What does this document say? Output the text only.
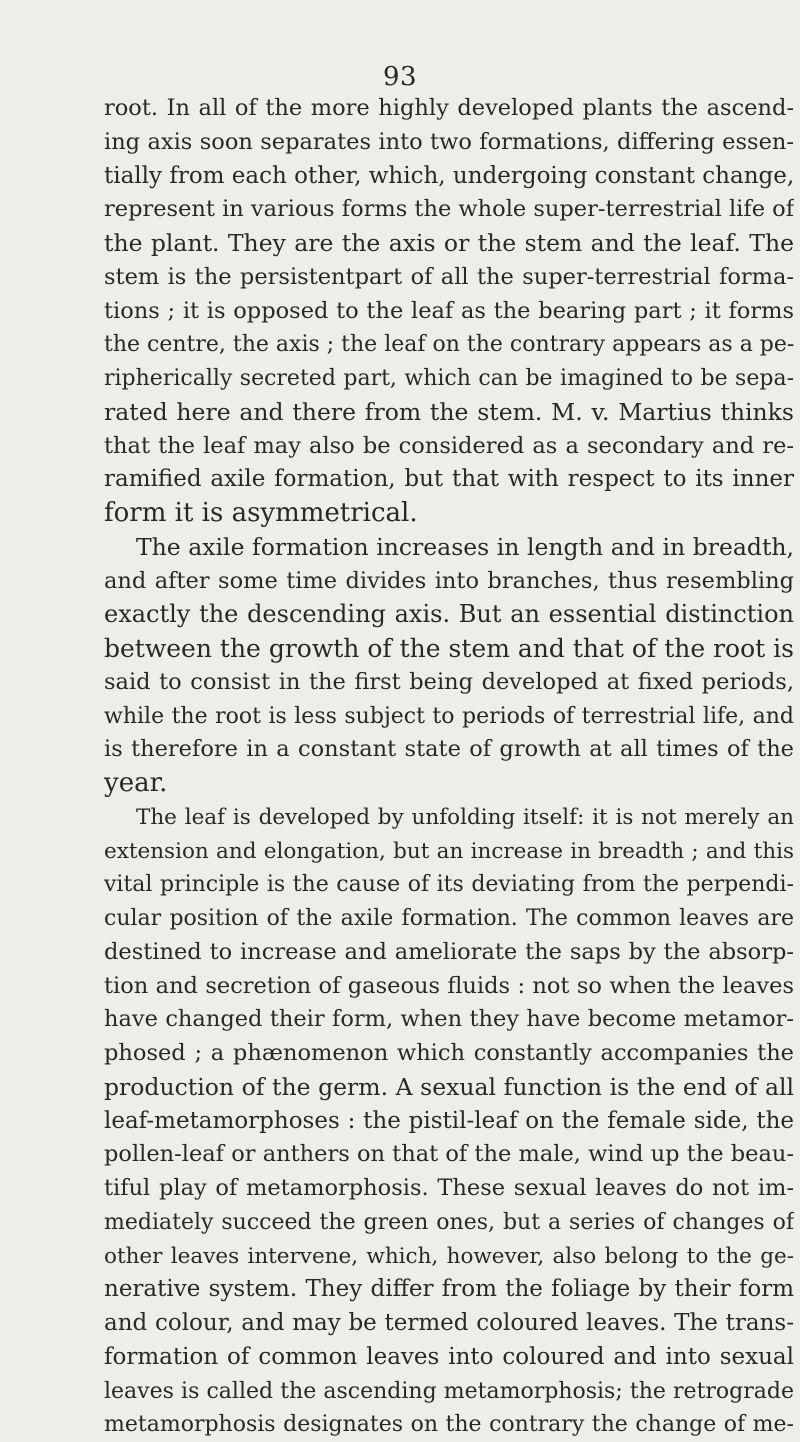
93
root. In all of the more highly developed plants the ascend-
ing axis soon separates into two formations, differing essen-
tially from each other, which, undergoing constant change,
represent in various forms the whole super-terrestrial life of
the plant. They are the axis or the stem and the leaf. The
stem is the persistentpart of all the super-terrestrial forma-
tions ; it is opposed to the leaf as the bearing part ; it forms
the centre, the axis ; the leaf on the contrary appears as a pe-
ripherically secreted part, which can be imagined to be sepa-
rated here and there from the stem. M. v. Martius thinks
that the leaf may also be considered as a secondary and re-
ramified axile formation, but that with respect to its inner
form it is asymmetrical.
The axile formation increases in length and in breadth,
and after some time divides into branches, thus resembling
exactly the descending axis. But an essential distinction
between the growth of the stem and that of the root is
said to consist in the first being developed at fixed periods,
while the root is less subject to periods of terrestrial life, and
is therefore in a constant state of growth at all times of the
year.
The leaf is developed by unfolding itself: it is not merely an
extension and elongation, but an increase in breadth ; and this
vital principle is the cause of its deviating from the perpendi-
cular position of the axile formation. The common leaves are
destined to increase and ameliorate the saps by the absorp-
tion and secretion of gaseous fluids : not so when the leaves
have changed their form, when they have become metamor-
phosed ; a phænomenon which constantly accompanies the
production of the germ. A sexual function is the end of all
leaf-metamorphoses : the pistil-leaf on the female side, the
pollen-leaf or anthers on that of the male, wind up the beau-
tiful play of metamorphosis. These sexual leaves do not im-
mediately succeed the green ones, but a series of changes of
other leaves intervene, which, however, also belong to the ge-
nerative system. They differ from the foliage by their form
and colour, and may be termed coloured leaves. The trans-
formation of common leaves into coloured and into sexual
leaves is called the ascending metamorphosis; the retrograde
metamorphosis designates on the contrary the change of me-
